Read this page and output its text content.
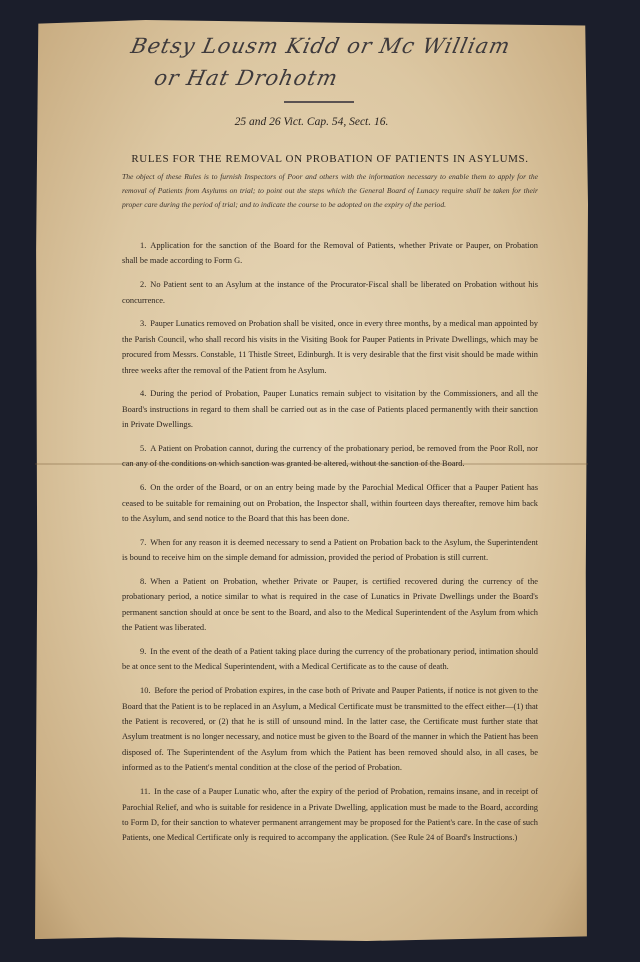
Betsy Lousm Kidd or Mc William
or Hat Drohotm
25 and 26 Vict. Cap. 54, Sect. 16.
RULES FOR THE REMOVAL ON PROBATION OF PATIENTS IN ASYLUMS.
The object of these Rules is to furnish Inspectors of Poor and others with the information necessary to enable them to apply for the removal of Patients from Asylums on trial; to point out the steps which the General Board of Lunacy require shall be taken for their proper care during the period of trial; and to indicate the course to be adopted on the expiry of the period.

1. Application for the sanction of the Board for the Removal of Patients, whether Private or Pauper, on Probation shall be made according to Form G.

2. No Patient sent to an Asylum at the instance of the Procurator-Fiscal shall be liberated on Probation without his concurrence.

3. Pauper Lunatics removed on Probation shall be visited, once in every three months, by a medical man appointed by the Parish Council, who shall record his visits in the Visiting Book for Pauper Patients in Private Dwellings, which may be procured from Messrs. Constable, 11 Thistle Street, Edinburgh. It is very desirable that the first visit should be made within three weeks after the removal of the Patient from he Asylum.

4. During the period of Probation, Pauper Lunatics remain subject to visitation by the Commissioners, and all the Board's instructions in regard to them shall be carried out as in the case of Patients placed permanently with their sanction in Private Dwellings.

5. A Patient on Probation cannot, during the currency of the probationary period, be removed from the Poor Roll, nor can any of the conditions on which sanction was granted be altered, without the sanction of the Board.

6. On the order of the Board, or on an entry being made by the Parochial Medical Officer that a Pauper Patient has ceased to be suitable for remaining out on Probation, the Inspector shall, within fourteen days thereafter, remove him back to the Asylum, and send notice to the Board that this has been done.

7. When for any reason it is deemed necessary to send a Patient on Probation back to the Asylum, the Superintendent is bound to receive him on the simple demand for admission, provided the period of Probation is still current.

8. When a Patient on Probation, whether Private or Pauper, is certified recovered during the currency of the probationary period, a notice similar to what is required in the case of Lunatics in Private Dwellings under the Board's permanent sanction should at once be sent to the Board, and also to the Medical Superintendent of the Asylum from which the Patient was liberated.

9. In the event of the death of a Patient taking place during the currency of the probationary period, intimation should be at once sent to the Medical Superintendent, with a Medical Certificate as to the cause of death.

10. Before the period of Probation expires, in the case both of Private and Pauper Patients, if notice is not given to the Board that the Patient is to be replaced in an Asylum, a Medical Certificate must be transmitted to the effect either—(1) that the Patient is recovered, or (2) that he is still of unsound mind. In the latter case, the Certificate must further state that Asylum treatment is no longer necessary, and notice must be given to the Board of the manner in which the Patient has been disposed of. The Superintendent of the Asylum from which the Patient has been removed should also, in all cases, be informed as to the Patient's mental condition at the close of the period of Probation.

11. In the case of a Pauper Lunatic who, after the expiry of the period of Probation, remains insane, and in receipt of Parochial Relief, and who is suitable for residence in a Private Dwelling, application must be made to the Board, according to Form D, for their sanction to whatever permanent arrangement may be proposed for the Patient's care. In the case of such Patients, one Medical Certificate only is required to accompany the application. (See Rule 24 of Board's Instructions.)
